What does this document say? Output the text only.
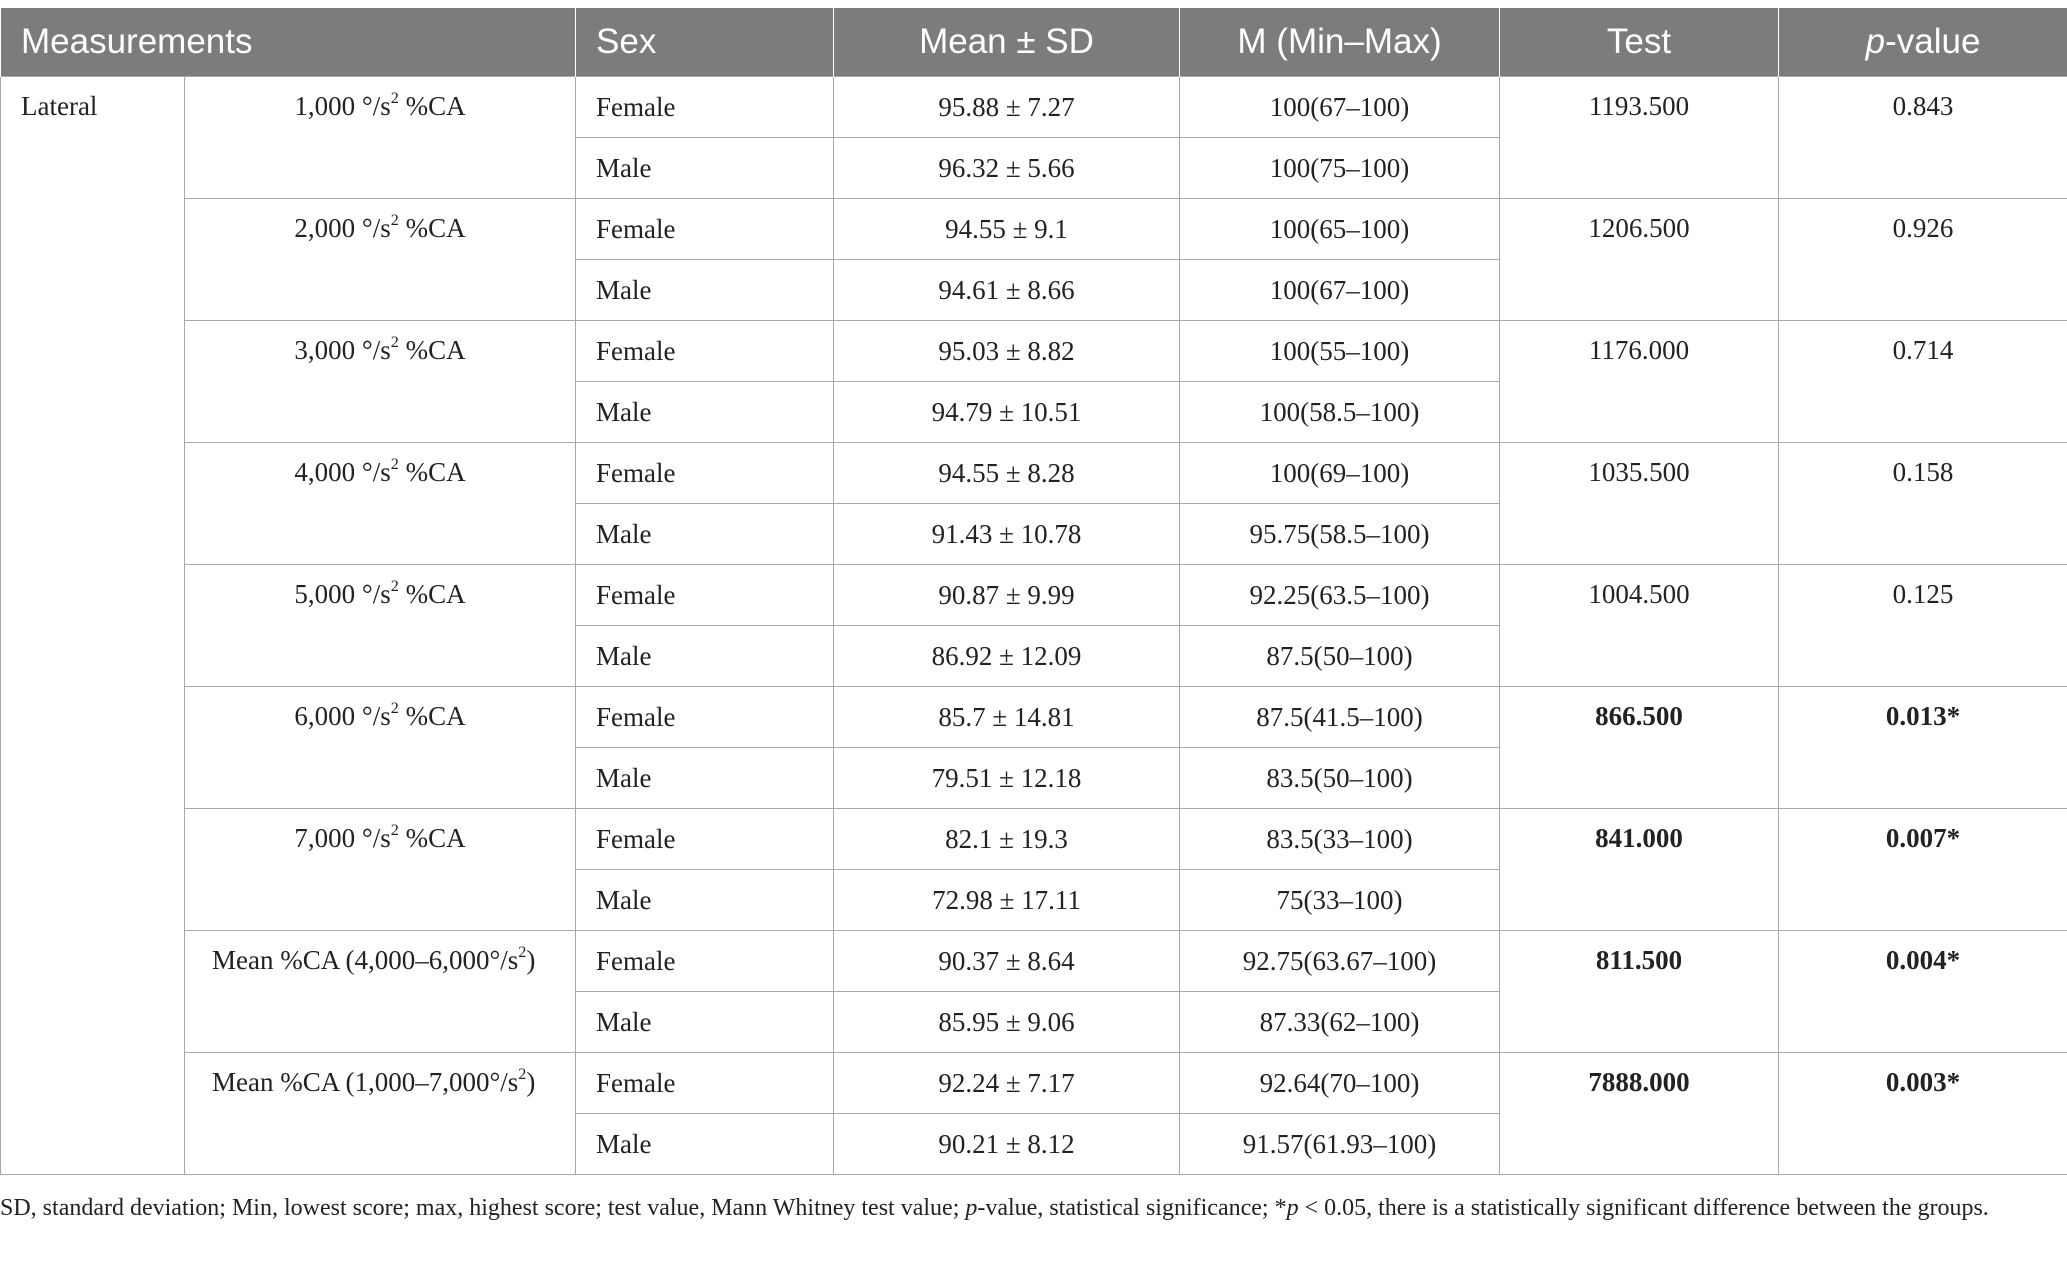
Measurements		Sex	Mean ± SD	M (Min–Max)	Test	p-value
Lateral	1,000 $^\circ/s^2$ %CA	Female	95.88 ± 7.27	100(67–100)	1193.500	0.843
		Male	96.32 ± 5.66	100(75–100)		
	2,000 $^\circ/s^2$ %CA	Female	94.55 ± 9.1	100(65–100)	1206.500	0.926
		Male	94.61 ± 8.66	100(67–100)		
	3,000 $^\circ/s^2$ %CA	Female	95.03 ± 8.82	100(55–100)	1176.000	0.714
		Male	94.79 ± 10.51	100(58.5–100)		
	4,000 $^\circ/s^2$ %CA	Female	94.55 ± 8.28	100(69–100)	1035.500	0.158
		Male	91.43 ± 10.78	95.75(58.5–100)		
	5,000 $^\circ/s^2$ %CA	Female	90.87 ± 9.99	92.25(63.5–100)	1004.500	0.125
		Male	86.92 ± 12.09	87.5(50–100)		
	6,000 $^\circ/s^2$ %CA	Female	85.7 ± 14.81	87.5(41.5–100)	866.500	0.013*
		Male	79.51 ± 12.18	83.5(50–100)		
	7,000 $^\circ/s^2$ %CA	Female	82.1 ± 19.3	83.5(33–100)	841.000	0.007*
		Male	72.98 ± 17.11	75(33–100)		
	Mean %CA $(4,000-6,000^\circ/s^2)$	Female	90.37 ± 8.64	92.75(63.67–100)	811.500	0.004*
		Male	85.95 ± 9.06	87.33(62–100)		
	Mean %CA $(1,000-7,000^\circ/s^2)$	Female	92.24 ± 7.17	92.64(70–100)	7888.000	0.003*
		Male	90.21 ± 8.12	91.57(61.93–100)		
SD, standard deviation; Min, lowest score; max, highest score; test value, Mann Whitney test value; p-value, statistical significance; *p < 0.05, there is a statistically significant difference between the groups.
